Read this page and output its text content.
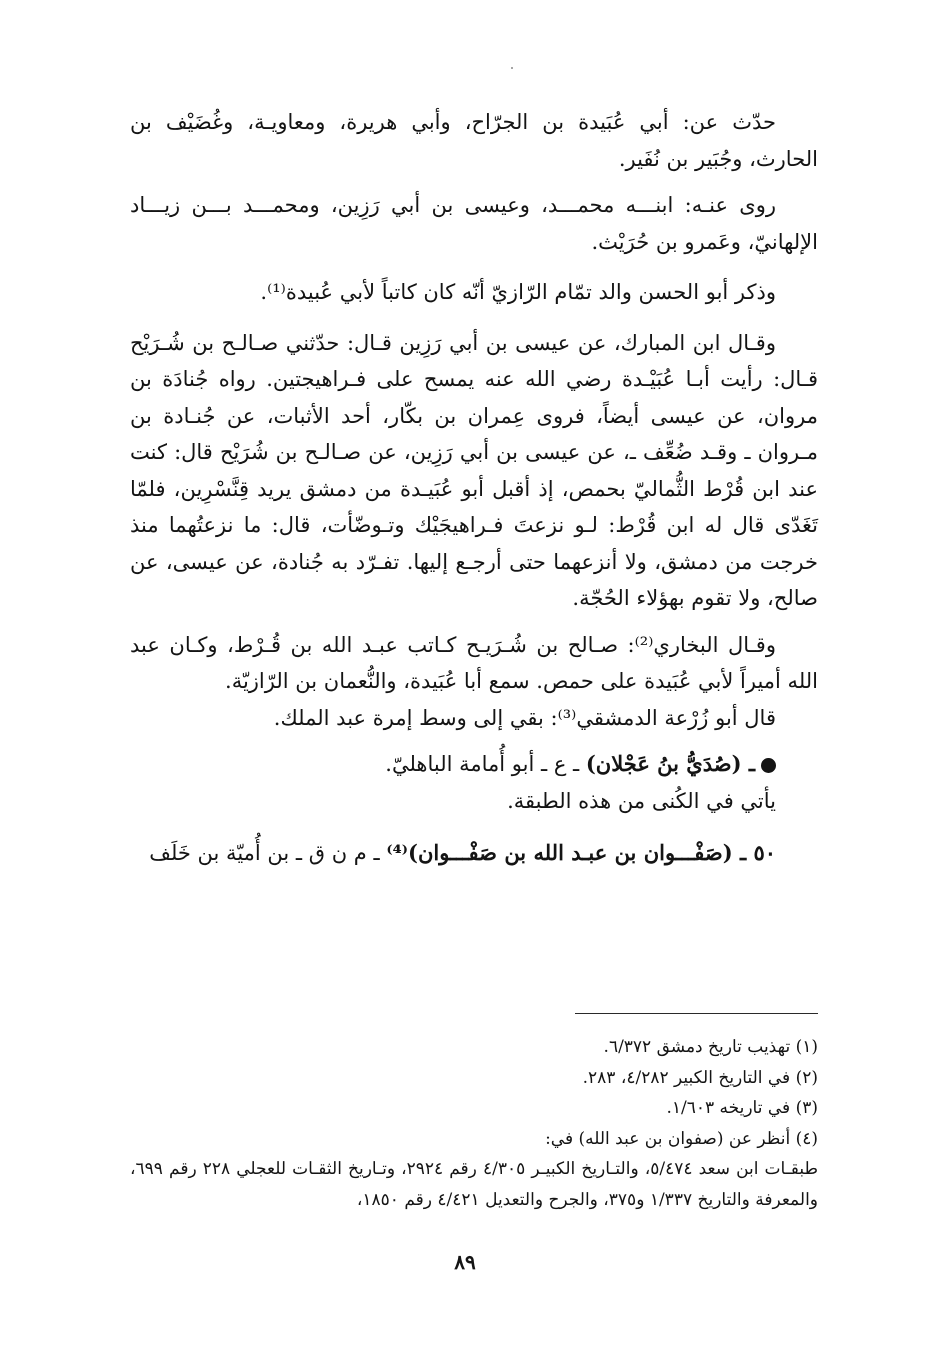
حدّث عن: أبي عُبَيدة بن الجرّاح، وأبي هريرة، ومعاويـة، وغُضَيْف بن الحارث، وجُبَير بن نُفَير.

روى عنـه: ابنـــه محمـــد، وعيسى بن أبي رَزِين، ومحمـــد بـــن زيـــاد الإلهانيّ، وعَمرو بن حُرَيْث.

وذكر أبو الحسن والد تمّام الرّازيّ أنّه كان كاتباً لأبي عُبيدة⁽¹⁾.

وقـال ابن المبارك، عن عيسى بن أبي رَزِين قـال: حدّثني صـالـح بن شُـرَيْح قـال: رأيت أبـا عُبَيْـدة رضي الله عنه يمسح على فـراهيجتين. رواه جُنادَة بن مروان، عن عيسى أيضاً، فروى عِمران بن بكّار، أحد الأثبات، عن جُنـادة بن مـروان ـ وقـد ضُعِّف ـ، عن عيسى بن أبي رَزِين، عن صـالـح بن شُرَيْح قال: كنت عند ابن قُرْط الثُّماليّ بحمص، إذ أقبل أبو عُبَيـدة من دمشق يريد قِنَّسْرِين، فلمّا تَغَدّى قال له ابن قُرْط: لـو نزعتَ فـراهيجَيْك وتـوضّأت، قال: ما نزعتُهما منذ خرجت من دمشق، ولا أنزعهما حتى أرجـع إليها. تفـرّد به جُنادة، عن عيسى، عن صالح، ولا تقوم بهؤلاء الحُجّة.

وقـال البخاري⁽²⁾: صـالح بن شُـرَيـح كـاتب عبـد الله بن قُـرْط، وكـان عبد الله أميراً لأبي عُبَيدة على حمص. سمع أبا عُبَيدة، والنُّعمان بن الرّازيّة.

قال أبو زُرْعة الدمشقي⁽³⁾: بقي إلى وسط إمرة عبد الملك.

ـ (صُدَيُّ بنُ عَجْلان) ـ ع ـ أبو أُمامة الباهليّ.

يأتي في الكُنى من هذه الطبقة.

٥٠ ـ (صَفْـــوان بن عبـد الله بن صَفْـــوان)⁽⁴⁾ ـ م ن ق ـ بن أُميّة بن خَلَف

(١) تهذيب تاريخ دمشق ٦/٣٧٢.

(٢) في التاريخ الكبير ٤/٢٨٢، ٢٨٣.

(٣) في تاريخه ١/٦٠٣.

(٤) أنظر عن (صفوان بن عبد الله) في:

طبقـات ابن سعد ٥/٤٧٤، والتـاريخ الكبيـر ٤/٣٠٥ رقم ٢٩٢٤، وتـاريخ الثقـات للعجلي ٢٢٨ رقم ٦٩٩، والمعرفة والتاريخ ١/٣٣٧ و٣٧٥، والجرح والتعديل ٤/٤٢١ رقم ١٨٥٠،

٨٩
